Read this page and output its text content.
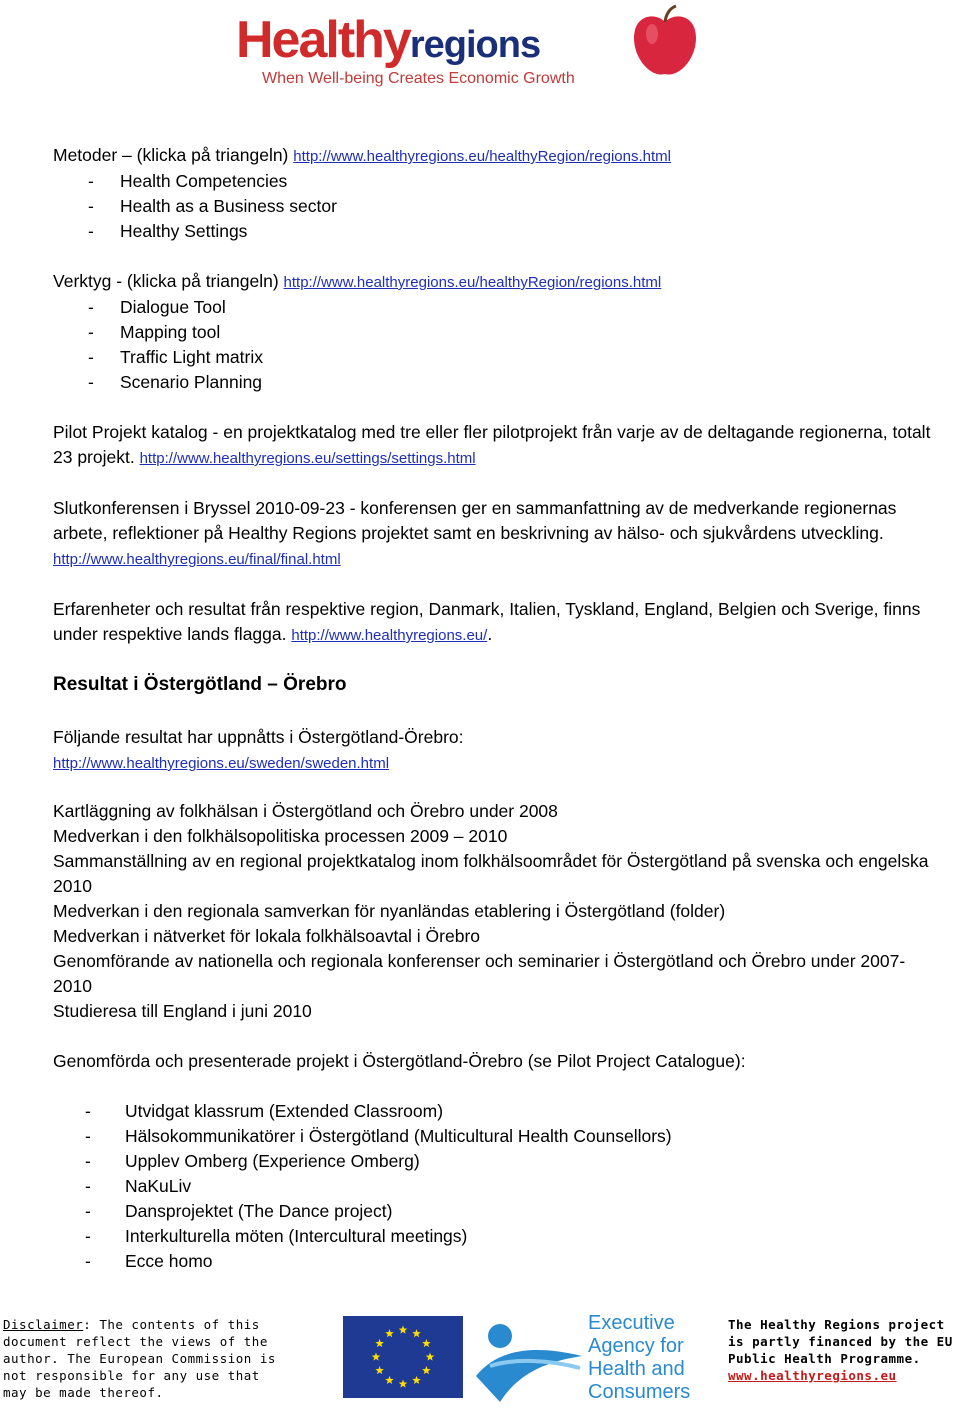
Healthyregions
When Well-being Creates Economic Growth

Metoder – (klicka på triangeln) http://www.healthyregions.eu/healthyRegion/regions.html

- Health Competencies
- Health as a Business sector
- Healthy Settings

Verktyg - (klicka på triangeln) http://www.healthyregions.eu/healthyRegion/regions.html

- Dialogue Tool
- Mapping tool
- Traffic Light matrix
- Scenario Planning

Pilot Projekt katalog - en projektkatalog med tre eller fler pilotprojekt från varje av de deltagande regionerna, totalt 23 projekt. http://www.healthyregions.eu/settings/settings.html

Slutkonferensen i Bryssel 2010-09-23 - konferensen ger en sammanfattning av de medverkande regionernas arbete, reflektioner på Healthy Regions projektet samt en beskrivning av hälso- och sjukvårdens utveckling. http://www.healthyregions.eu/final/final.html

Erfarenheter och resultat från respektive region, Danmark, Italien, Tyskland, England, Belgien och Sverige, finns under respektive lands flagga. http://www.healthyregions.eu/.

Resultat i Östergötland – Örebro

Följande resultat har uppnåtts i Östergötland-Örebro:

http://www.healthyregions.eu/sweden/sweden.html

Kartläggning av folkhälsan i Östergötland och Örebro under 2008

Medverkan i den folkhälsopolitiska processen 2009 – 2010

Sammanställning av en regional projektkatalog inom folkhälsoområdet för Östergötland på svenska och engelska 2010

Medverkan i den regionala samverkan för nyanländas etablering i Östergötland (folder)

Medverkan i nätverket för lokala folkhälsoavtal i Örebro

Genomförande av nationella och regionala konferenser och seminarier i Östergötland och Örebro under 2007-2010

Studieresa till England i juni 2010

Genomförda och presenterade projekt i Östergötland-Örebro (se Pilot Project Catalogue):

- Utvidgat klassrum (Extended Classroom)
- Hälsokommunikatörer i Östergötland (Multicultural Health Counsellors)
- Upplev Omberg (Experience Omberg)
- NaKuLiv
- Dansprojektet (The Dance project)
- Interkulturella möten (Intercultural meetings)
- Ecce homo
Disclaimer: The contents of this document reflect the views of the author. The European Commission is not responsible for any use that may be made thereof.
Executive
Agency for
Health and
Consumers
The Healthy Regions project is partly financed by the EU Public Health Programme. www.healthyregions.eu
